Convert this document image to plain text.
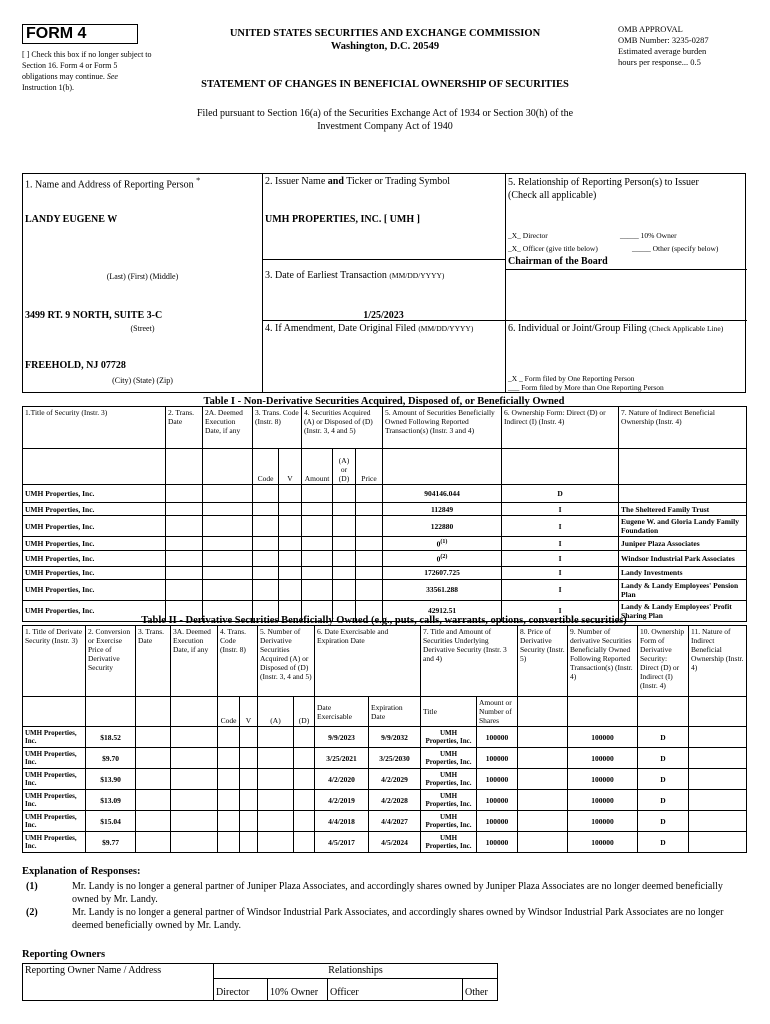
FORM 4
[ ] Check this box if no longer subject to Section 16. Form 4 or Form 5 obligations may continue. See Instruction 1(b).
UNITED STATES SECURITIES AND EXCHANGE COMMISSION
Washington, D.C. 20549
OMB APPROVAL
OMB Number: 3235-0287
Estimated average burden
hours per response... 0.5
STATEMENT OF CHANGES IN BENEFICIAL OWNERSHIP OF SECURITIES
Filed pursuant to Section 16(a) of the Securities Exchange Act of 1934 or Section 30(h) of the
Investment Company Act of 1940
1. Name and Address of Reporting Person *
LANDY EUGENE W
(Last) (First) (Middle)
3499 RT. 9 NORTH, SUITE 3-C
(Street)
FREEHOLD, NJ 07728
(City) (State) (Zip)
2. Issuer Name and Ticker or Trading Symbol
UMH PROPERTIES, INC. [ UMH ]
3. Date of Earliest Transaction (MM/DD/YYYY)
1/25/2023
4. If Amendment, Date Original Filed (MM/DD/YYYY)
5. Relationship of Reporting Person(s) to Issuer
(Check all applicable)
_X_ Director	_____ 10% Owner
_X_ Officer (give title below)	_____ Other (specify below)
Chairman of the Board
6. Individual or Joint/Group Filing (Check Applicable Line)
_X _ Form filed by One Reporting Person
___ Form filed by More than One Reporting Person
Table I - Non-Derivative Securities Acquired, Disposed of, or Beneficially Owned
1.Title of Security (Instr. 3)	2. Trans. Date	2A. Deemed Execution Date, if any	3. Trans. Code (Instr. 8)		4. Securities Acquired (A) or Disposed of (D) (Instr. 3, 4 and 5)			5. Amount of Securities Beneficially Owned Following Reported Transaction(s) (Instr. 3 and 4)	6. Ownership Form: Direct (D) or Indirect (I) (Instr. 4)	7. Nature of Indirect Beneficial Ownership (Instr. 4)
			Code	V	Amount	(A) or (D)	Price			
UMH Properties, Inc.								904146.044	D	
UMH Properties, Inc.								112849	I	The Sheltered Family Trust
UMH Properties, Inc.								122880	I	Eugene W. and Gloria Landy Family Foundation
UMH Properties, Inc.								0$^{(1)}$	I	Juniper Plaza Associates
UMH Properties, Inc.								0$^{(2)}$	I	Windsor Industrial Park Associates
UMH Properties, Inc.								172607.725	I	Landy Investments
UMH Properties, Inc.								33561.288	I	Landy & Landy Employees' Pension Plan
UMH Properties, Inc.								42912.51	I	Landy & Landy Employees' Profit Sharing Plan
Table II - Derivative Securities Beneficially Owned (e.g., puts, calls, warrants, options, convertible securities)
1. Title of Derivate Security (Instr. 3)	2. Conversion or Exercise Price of Derivative Security	3. Trans. Date	3A. Deemed Execution Date, if any	4. Trans. Code (Instr. 8)		5. Number of Derivative Securities Acquired (A) or Disposed of (D) (Instr. 3, 4 and 5)		6. Date Exercisable and Expiration Date		7. Title and Amount of Securities Underlying Derivative Security (Instr. 3 and 4)		8. Price of Derivative Security (Instr. 5)	9. Number of derivative Securities Beneficially Owned Following Reported Transaction(s) (Instr. 4)	10. Ownership Form of Derivative Security: Direct (D) or Indirect (I) (Instr. 4)	11. Nature of Indirect Beneficial Ownership (Instr. 4)
				Code	V	(A)	(D)	Date Exercisable	Expiration Date	Title	Amount or Number of Shares				
UMH Properties, Inc.	$18.52							9/9/2023	9/9/2032	UMH Properties, Inc.	100000		100000	D	
UMH Properties, Inc.	$9.70							3/25/2021	3/25/2030	UMH Properties, Inc.	100000		100000	D	
UMH Properties, Inc.	$13.90							4/2/2020	4/2/2029	UMH Properties, Inc.	100000		100000	D	
UMH Properties, Inc.	$13.09							4/2/2019	4/2/2028	UMH Properties, Inc.	100000		100000	D	
UMH Properties, Inc.	$15.04							4/4/2018	4/4/2027	UMH Properties, Inc.	100000		100000	D	
UMH Properties, Inc.	$9.77							4/5/2017	4/5/2024	UMH Properties, Inc.	100000		100000	D	
Explanation of Responses:
(1)	Mr. Landy is no longer a general partner of Juniper Plaza Associates, and accordingly shares owned by Juniper Plaza Associates are no longer deemed beneficially owned by Mr. Landy.
(2)	Mr. Landy is no longer a general partner of Windsor Industrial Park Associates, and accordingly shares owned by Windsor Industrial Park Associates are no longer deemed beneficially owned by Mr. Landy.
Reporting Owners
Reporting Owner Name / Address	Relationships			
	Director	10% Owner	Officer	Other
